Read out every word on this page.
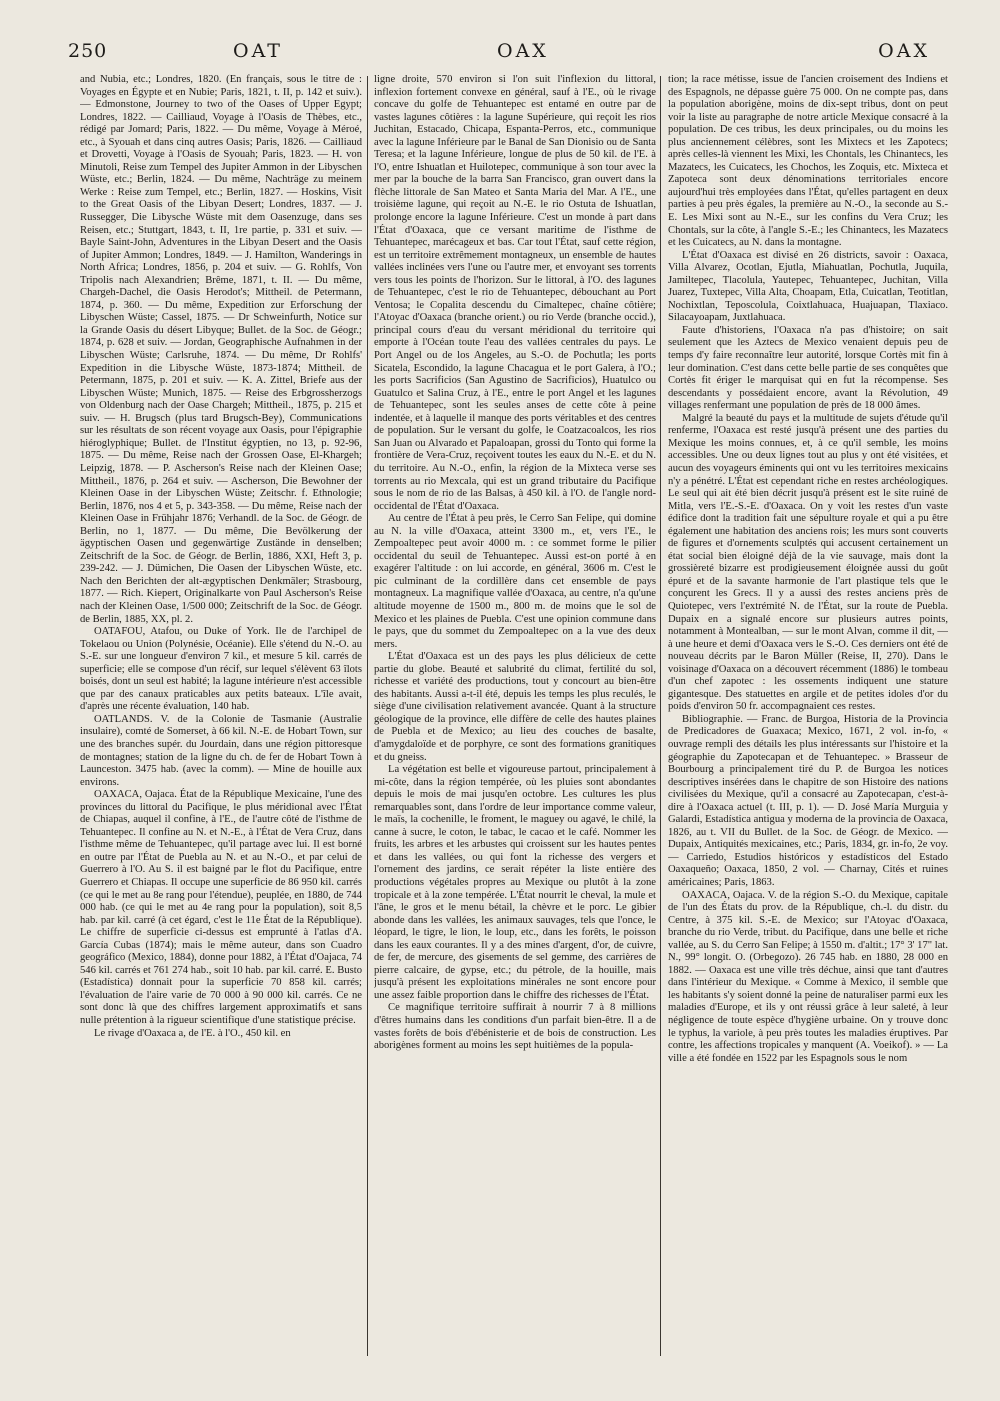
250	OAT	OAX	OAX

and Nubia, etc.; Londres, 1820. (En français, sous le titre de : Voyages en Égypte et en Nubie; Paris, 1821, t. II, p. 142 et suiv.). — Edmonstone, Journey to two of the Oases of Upper Egypt; Londres, 1822. — Cailliaud, Voyage à l'Oasis de Thèbes, etc., rédigé par Jomard; Paris, 1822. — Du même, Voyage à Méroé, etc., à Syouah et dans cinq autres Oasis; Paris, 1826. — Cailliaud et Drovetti, Voyage à l'Oasis de Syouah; Paris, 1823. — H. von Minutoli, Reise zum Tempel des Jupiter Ammon in der Libyschen Wüste, etc.; Berlin, 1824. — Du même, Nachträge zu meinem Werke : Reise zum Tempel, etc.; Berlin, 1827. — Hoskins, Visit to the Great Oasis of the Libyan Desert; Londres, 1837. — J. Russegger, Die Libysche Wüste mit dem Oasenzuge, dans ses Reisen, etc.; Stuttgart, 1843, t. II, 1re partie, p. 331 et suiv. — Bayle Saint-John, Adventures in the Libyan Desert and the Oasis of Jupiter Ammon; Londres, 1849. — J. Hamilton, Wanderings in North Africa; Londres, 1856, p. 204 et suiv. — G. Rohlfs, Von Tripolis nach Alexandrien; Brême, 1871, t. II. — Du même, Chargeh-Dachel, die Oasis Herodot's; Mittheil. de Petermann, 1874, p. 360. — Du même, Expedition zur Erforschung der Libyschen Wüste; Cassel, 1875. — Dr Schweinfurth, Notice sur la Grande Oasis du désert Libyque; Bullet. de la Soc. de Géogr.; 1874, p. 628 et suiv. — Jordan, Geographische Aufnahmen in der Libyschen Wüste; Carlsruhe, 1874. — Du même, Dr Rohlfs' Expedition in die Libysche Wüste, 1873-1874; Mittheil. de Petermann, 1875, p. 201 et suiv. — K. A. Zittel, Briefe aus der Libyschen Wüste; Munich, 1875. — Reise des Erbgrossherzogs von Oldenburg nach der Oase Chargeh; Mittheil., 1875, p. 215 et suiv. — H. Brugsch (plus tard Brugsch-Bey), Communications sur les résultats de son récent voyage aux Oasis, pour l'épigraphie hiéroglyphique; Bullet. de l'Institut égyptien, no 13, p. 92-96, 1875. — Du même, Reise nach der Grossen Oase, El-Khargeh; Leipzig, 1878. — P. Ascherson's Reise nach der Kleinen Oase; Mittheil., 1876, p. 264 et suiv. — Ascherson, Die Bewohner der Kleinen Oase in der Libyschen Wüste; Zeitschr. f. Ethnologie; Berlin, 1876, nos 4 et 5, p. 343-358. — Du même, Reise nach der Kleinen Oase in Frühjahr 1876; Verhandl. de la Soc. de Géogr. de Berlin, no 1, 1877. — Du même, Die Bevölkerung der ägyptischen Oasen und gegenwärtige Zustände in denselben; Zeitschrift de la Soc. de Géogr. de Berlin, 1886, XXI, Heft 3, p. 239-242. — J. Dümichen, Die Oasen der Libyschen Wüste, etc. Nach den Berichten der alt-ægyptischen Denkmäler; Strasbourg, 1877. — Rich. Kiepert, Originalkarte von Paul Ascherson's Reise nach der Kleinen Oase, 1/500 000; Zeitschrift de la Soc. de Géogr. de Berlin, 1885, XX, pl. 2.

OATAFOU, Atafou, ou Duke of York. Ile de l'archipel de Tokelaou ou Union (Polynésie, Océanie). Elle s'étend du N.-O. au S.-E. sur une longueur d'environ 7 kil., et mesure 5 kil. carrés de superficie; elle se compose d'un récif, sur lequel s'élèvent 63 îlots boisés, dont un seul est habité; la lagune intérieure n'est accessible que par des canaux praticables aux petits bateaux. L'île avait, d'après une récente évaluation, 140 hab.

OATLANDS. V. de la Colonie de Tasmanie (Australie insulaire), comté de Somerset, à 66 kil. N.-E. de Hobart Town, sur une des branches supér. du Jourdain, dans une région pittoresque de montagnes; station de la ligne du ch. de fer de Hobart Town à Launceston. 3475 hab. (avec la comm). — Mine de houille aux environs.

OAXACA, Oajaca. État de la République Mexicaine, l'une des provinces du littoral du Pacifique, le plus méridional avec l'État de Chiapas, auquel il confine, à l'E., de l'autre côté de l'isthme de Tehuantepec. Il confine au N. et N.-E., à l'État de Vera Cruz, dans l'isthme même de Tehuantepec, qu'il partage avec lui. Il est borné en outre par l'État de Puebla au N. et au N.-O., et par celui de Guerrero à l'O. Au S. il est baigné par le flot du Pacifique, entre Guerrero et Chiapas. Il occupe une superficie de 86 950 kil. carrés (ce qui le met au 8e rang pour l'étendue), peuplée, en 1880, de 744 000 hab. (ce qui le met au 4e rang pour la population), soit 8,5 hab. par kil. carré (à cet égard, c'est le 11e État de la République). Le chiffre de superficie ci-dessus est emprunté à l'atlas d'A. García Cubas (1874); mais le même auteur, dans son Cuadro geográfico (Mexico, 1884), donne pour 1882, à l'État d'Oajaca, 74 546 kil. carrés et 761 274 hab., soit 10 hab. par kil. carré. E. Busto (Estadística) donnait pour la superficie 70 858 kil. carrés; l'évaluation de l'aire varie de 70 000 à 90 000 kil. carrés. Ce ne sont donc là que des chiffres largement approximatifs et sans nulle prétention à la rigueur scientifique d'une statistique précise.

Le rivage d'Oaxaca a, de l'E. à l'O., 450 kil. en

ligne droite, 570 environ si l'on suit l'inflexion du littoral, inflexion fortement convexe en général, sauf à l'E., où le rivage concave du golfe de Tehuantepec est entamé en outre par de vastes lagunes côtières : la lagune Supérieure, qui reçoit les rios Juchitan, Estacado, Chicapa, Espanta-Perros, etc., communique avec la lagune Inférieure par le Banal de San Dionisio ou de Santa Teresa; et la lagune Inférieure, longue de plus de 50 kil. de l'E. à l'O, entre Ishuatlan et Huilotepec, communique à son tour avec la mer par la bouche de la barra San Francisco, gran ouvert dans la flèche littorale de San Mateo et Santa Maria del Mar. A l'E., une troisième lagune, qui reçoit au N.-E. le rio Ostuta de Ishuatlan, prolonge encore la lagune Inférieure. C'est un monde à part dans l'État d'Oaxaca, que ce versant maritime de l'isthme de Tehuantepec, marécageux et bas. Car tout l'État, sauf cette région, est un territoire extrêmement montagneux, un ensemble de hautes vallées inclinées vers l'une ou l'autre mer, et envoyant ses torrents vers tous les points de l'horizon. Sur le littoral, à l'O. des lagunes de Tehuantepec, c'est le rio de Tehuantepec, débouchant au Port Ventosa; le Copalita descendu du Cimaltepec, chaîne côtière; l'Atoyac d'Oaxaca (branche orient.) ou rio Verde (branche occid.), principal cours d'eau du versant méridional du territoire qui emporte à l'Océan toute l'eau des vallées centrales du pays. Le Port Angel ou de los Angeles, au S.-O. de Pochutla; les ports Sicatela, Escondido, la lagune Chacagua et le port Galera, à l'O.; les ports Sacrificios (San Agustino de Sacrificios), Huatulco ou Guatulco et Salina Cruz, à l'E., entre le port Angel et les lagunes de Tehuantepec, sont les seules anses de cette côte à peine indentée, et à laquelle il manque des ports véritables et des centres de population. Sur le versant du golfe, le Coatzacoalcos, les rios San Juan ou Alvarado et Papaloapan, grossi du Tonto qui forme la frontière de Vera-Cruz, reçoivent toutes les eaux du N.-E. et du N. du territoire. Au N.-O., enfin, la région de la Mixteca verse ses torrents au rio Mexcala, qui est un grand tributaire du Pacifique sous le nom de rio de las Balsas, à 450 kil. à l'O. de l'angle nord-occidental de l'État d'Oaxaca.

Au centre de l'État à peu près, le Cerro San Felipe, qui domine au N. la ville d'Oaxaca, atteint 3300 m., et, vers l'E., le Zempoaltepec peut avoir 4000 m. : ce sommet forme le pilier occidental du seuil de Tehuantepec. Aussi est-on porté à en exagérer l'altitude : on lui accorde, en général, 3606 m. C'est le pic culminant de la cordillère dans cet ensemble de pays montagneux. La magnifique vallée d'Oaxaca, au centre, n'a qu'une altitude moyenne de 1500 m., 800 m. de moins que le sol de Mexico et les plaines de Puebla. C'est une opinion commune dans le pays, que du sommet du Zempoaltepec on a la vue des deux mers.

L'État d'Oaxaca est un des pays les plus délicieux de cette partie du globe. Beauté et salubrité du climat, fertilité du sol, richesse et variété des productions, tout y concourt au bien-être des habitants. Aussi a-t-il été, depuis les temps les plus reculés, le siège d'une civilisation relativement avancée. Quant à la structure géologique de la province, elle diffère de celle des hautes plaines de Puebla et de Mexico; au lieu des couches de basalte, d'amygdaloïde et de porphyre, ce sont des formations granitiques et du gneiss.

La végétation est belle et vigoureuse partout, principalement à mi-côte, dans la région tempérée, où les pluies sont abondantes depuis le mois de mai jusqu'en octobre. Les cultures les plus remarquables sont, dans l'ordre de leur importance comme valeur, le maïs, la cochenille, le froment, le maguey ou agavé, le chilé, la canne à sucre, le coton, le tabac, le cacao et le café. Nommer les fruits, les arbres et les arbustes qui croissent sur les hautes pentes et dans les vallées, ou qui font la richesse des vergers et l'ornement des jardins, ce serait répéter la liste entière des productions végétales propres au Mexique ou plutôt à la zone tropicale et à la zone tempérée. L'État nourrit le cheval, la mule et l'âne, le gros et le menu bétail, la chèvre et le porc. Le gibier abonde dans les vallées, les animaux sauvages, tels que l'once, le léopard, le tigre, le lion, le loup, etc., dans les forêts, le poisson dans les eaux courantes. Il y a des mines d'argent, d'or, de cuivre, de fer, de mercure, des gisements de sel gemme, des carrières de pierre calcaire, de gypse, etc.; du pétrole, de la houille, mais jusqu'à présent les exploitations minérales ne sont encore pour une assez faible proportion dans le chiffre des richesses de l'État.

Ce magnifique territoire suffirait à nourrir 7 à 8 millions d'êtres humains dans les conditions d'un parfait bien-être. Il a de vastes forêts de bois d'ébénisterie et de bois de construction. Les aborigènes forment au moins les sept huitièmes de la popula-

tion; la race métisse, issue de l'ancien croisement des Indiens et des Espagnols, ne dépasse guère 75 000. On ne compte pas, dans la population aborigène, moins de dix-sept tribus, dont on peut voir la liste au paragraphe de notre article Mexique consacré à la population. De ces tribus, les deux principales, ou du moins les plus anciennement célèbres, sont les Mixtecs et les Zapotecs; après celles-là viennent les Mixi, les Chontals, les Chinantecs, les Mazatecs, les Cuicatecs, les Chochos, les Zoquis, etc. Mixteca et Zapoteca sont deux dénominations territoriales encore aujourd'hui très employées dans l'État, qu'elles partagent en deux parties à peu près égales, la première au N.-O., la seconde au S.-E. Les Mixi sont au N.-E., sur les confins du Vera Cruz; les Chontals, sur la côte, à l'angle S.-E.; les Chinantecs, les Mazatecs et les Cuicatecs, au N. dans la montagne.

L'État d'Oaxaca est divisé en 26 districts, savoir : Oaxaca, Villa Alvarez, Ocotlan, Ejutla, Miahuatlan, Pochutla, Juquila, Jamiltepec, Tlacolula, Yautepec, Tehuantepec, Juchitan, Villa Juarez, Tuxtepec, Villa Alta, Choapam, Etla, Cuicatlan, Teotitlan, Nochixtlan, Teposcolula, Coixtlahuaca, Huajuapan, Tlaxiaco. Silacayoapam, Juxtlahuaca.

Faute d'historiens, l'Oaxaca n'a pas d'histoire; on sait seulement que les Aztecs de Mexico venaient depuis peu de temps d'y faire reconnaître leur autorité, lorsque Cortès mit fin à leur domination. C'est dans cette belle partie de ses conquêtes que Cortès fit ériger le marquisat qui en fut la récompense. Ses descendants y possédaient encore, avant la Révolution, 49 villages renfermant une population de près de 18 000 âmes.

Malgré la beauté du pays et la multitude de sujets d'étude qu'il renferme, l'Oaxaca est resté jusqu'à présent une des parties du Mexique les moins connues, et, à ce qu'il semble, les moins accessibles. Une ou deux lignes tout au plus y ont été visitées, et aucun des voyageurs éminents qui ont vu les territoires mexicains n'y a pénétré. L'État est cependant riche en restes archéologiques. Le seul qui ait été bien décrit jusqu'à présent est le site ruiné de Mitla, vers l'E.-S.-E. d'Oaxaca. On y voit les restes d'un vaste édifice dont la tradition fait une sépulture royale et qui a pu être également une habitation des anciens rois; les murs sont couverts de figures et d'ornements sculptés qui accusent certainement un état social bien éloigné déjà de la vie sauvage, mais dont la grossièreté bizarre est prodigieusement éloignée aussi du goût épuré et de la savante harmonie de l'art plastique tels que le conçurent les Grecs. Il y a aussi des restes anciens près de Quiotepec, vers l'extrémité N. de l'État, sur la route de Puebla. Dupaix en a signalé encore sur plusieurs autres points, notamment à Montealban, — sur le mont Alvan, comme il dit, — à une heure et demi d'Oaxaca vers le S.-O. Ces derniers ont été de nouveau décrits par le Baron Müller (Reise, II, 270). Dans le voisinage d'Oaxaca on a découvert récemment (1886) le tombeau d'un chef zapotec : les ossements indiquent une stature gigantesque. Des statuettes en argile et de petites idoles d'or du poids d'environ 50 fr. accompagnaient ces restes.

Bibliographie. — Franc. de Burgoa, Historia de la Provincia de Predicadores de Guaxaca; Mexico, 1671, 2 vol. in-fo, « ouvrage rempli des détails les plus intéressants sur l'histoire et la géographie du Zapotecapan et de Tehuantepec. » Brasseur de Bourbourg a principalement tiré du P. de Burgoa les notices descriptives insérées dans le chapitre de son Histoire des nations civilisées du Mexique, qu'il a consacré au Zapotecapan, c'est-à-dire à l'Oaxaca actuel (t. III, p. 1). — D. José María Murguia y Galardi, Estadística antigua y moderna de la provincia de Oaxaca, 1826, au t. VII du Bullet. de la Soc. de Géogr. de Mexico. — Dupaix, Antiquités mexicaines, etc.; Paris, 1834, gr. in-fo, 2e voy. — Carriedo, Estudios históricos y estadísticos del Estado Oaxaqueño; Oaxaca, 1850, 2 vol. — Charnay, Cités et ruines américaines; Paris, 1863.

OAXACA, Oajaca. V. de la région S.-O. du Mexique, capitale de l'un des États du prov. de la République, ch.-l. du distr. du Centre, à 375 kil. S.-E. de Mexico; sur l'Atoyac d'Oaxaca, branche du rio Verde, tribut. du Pacifique, dans une belle et riche vallée, au S. du Cerro San Felipe; à 1550 m. d'altit.; 17° 3' 17" lat. N., 99° longit. O. (Orbegozo). 26 745 hab. en 1880, 28 000 en 1882. — Oaxaca est une ville très déchue, ainsi que tant d'autres dans l'intérieur du Mexique. « Comme à Mexico, il semble que les habitants s'y soient donné la peine de naturaliser parmi eux les maladies d'Europe, et ils y ont réussi grâce à leur saleté, à leur négligence de toute espèce d'hygiène urbaine. On y trouve donc le typhus, la variole, à peu près toutes les maladies éruptives. Par contre, les affections tropicales y manquent (A. Voeikof). » — La ville a été fondée en 1522 par les Espagnols sous le nom
